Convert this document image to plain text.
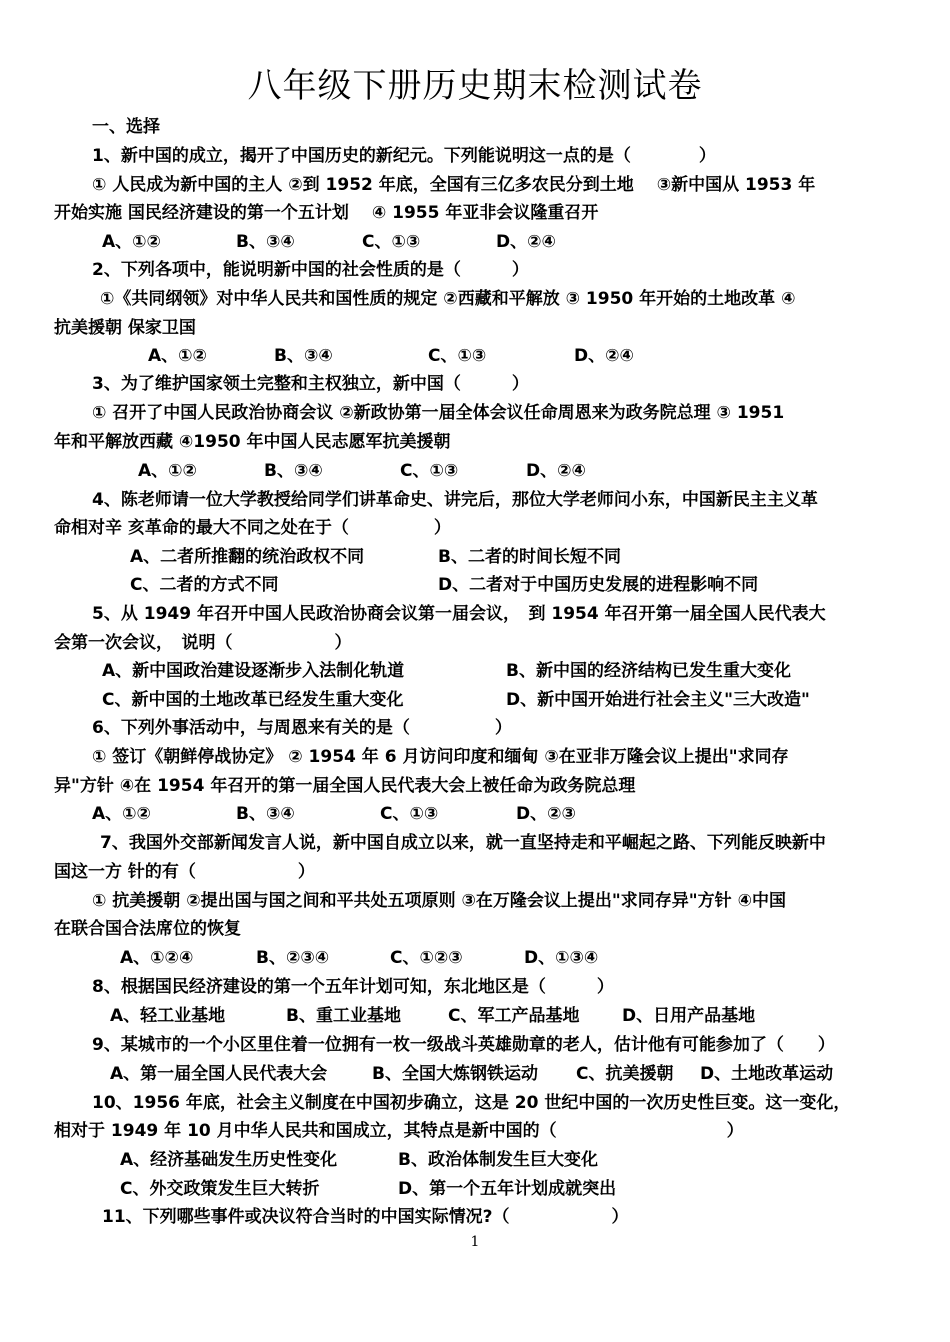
八年级下册历史期末检测试卷
一、选择
1、新中国的成立，揭开了中国历史的新纪元。下列能说明这一点的是（　　　　）
① 人民成为新中国的主人 ②到 1952 年底，全国有三亿多农民分到土地　 ③新中国从 1953 年
开始实施 国民经济建设的第一个五计划　 ④ 1955 年亚非会议隆重召开
A、①②	B、③④	C、①③	D、②④
2、下列各项中，能说明新中国的社会性质的是（　　　）
①《共同纲领》对中华人民共和国性质的规定 ②西藏和平解放 ③ 1950 年开始的土地改革 ④
抗美援朝 保家卫国
A、①②	B、③④	C、①③	D、②④
3、为了维护国家领土完整和主权独立，新中国（　　　）
① 召开了中国人民政治协商会议 ②新政协第一届全体会议任命周恩来为政务院总理 ③ 1951
年和平解放西藏 ④1950 年中国人民志愿军抗美援朝
A、①②	B、③④	C、①③	D、②④
4、陈老师请一位大学教授给同学们讲革命史、讲完后，那位大学老师问小东，中国新民主主义革
命相对辛 亥革命的最大不同之处在于（　　　　　）
A、二者所推翻的统治政权不同	B、二者的时间长短不同
C、二者的方式不同	D、二者对于中国历史发展的进程影响不同
5、从 1949 年召开中国人民政治协商会议第一届会议，　到 1954 年召开第一届全国人民代表大
会第一次会议，　说明（　　　　　　）
A、新中国政治建设逐渐步入法制化轨道	B、新中国的经济结构已发生重大变化
C、新中国的土地改革已经发生重大变化	D、新中国开始进行社会主义"三大改造"
6、下列外事活动中，与周恩来有关的是（　　　　　）
① 签订《朝鲜停战协定》 ② 1954 年 6 月访问印度和缅甸 ③在亚非万隆会议上提出"求同存
异"方针 ④在 1954 年召开的第一届全国人民代表大会上被任命为政务院总理
A、①②	B、③④	C、①③	D、②③
7、我国外交部新闻发言人说，新中国自成立以来，就一直坚持走和平崛起之路、下列能反映新中
国这一方 针的有（　　　　　　）
① 抗美援朝 ②提出国与国之间和平共处五项原则 ③在万隆会议上提出"求同存异"方针 ④中国
在联合国合法席位的恢复
A、①②④	B、②③④	C、①②③	D、①③④
8、根据国民经济建设的第一个五年计划可知，东北地区是（　　　）
A、轻工业基地	B、重工业基地	C、军工产品基地	D、日用产品基地
9、某城市的一个小区里住着一位拥有一枚一级战斗英雄勋章的老人，估计他有可能参加了（　　）
A、第一届全国人民代表大会	B、全国大炼钢铁运动 C、抗美援朝 D、土地改革运动
10、1956 年底，社会主义制度在中国初步确立，这是 20 世纪中国的一次历史性巨变。这一变化，
相对于 1949 年 10 月中华人民共和国成立，其特点是新中国的（　　　　　　　　　　）
A、经济基础发生历史性变化	B、政治体制发生巨大变化
C、外交政策发生巨大转折	D、第一个五年计划成就突出
11、下列哪些事件或决议符合当时的中国实际情况?（　　　　　　）
1
